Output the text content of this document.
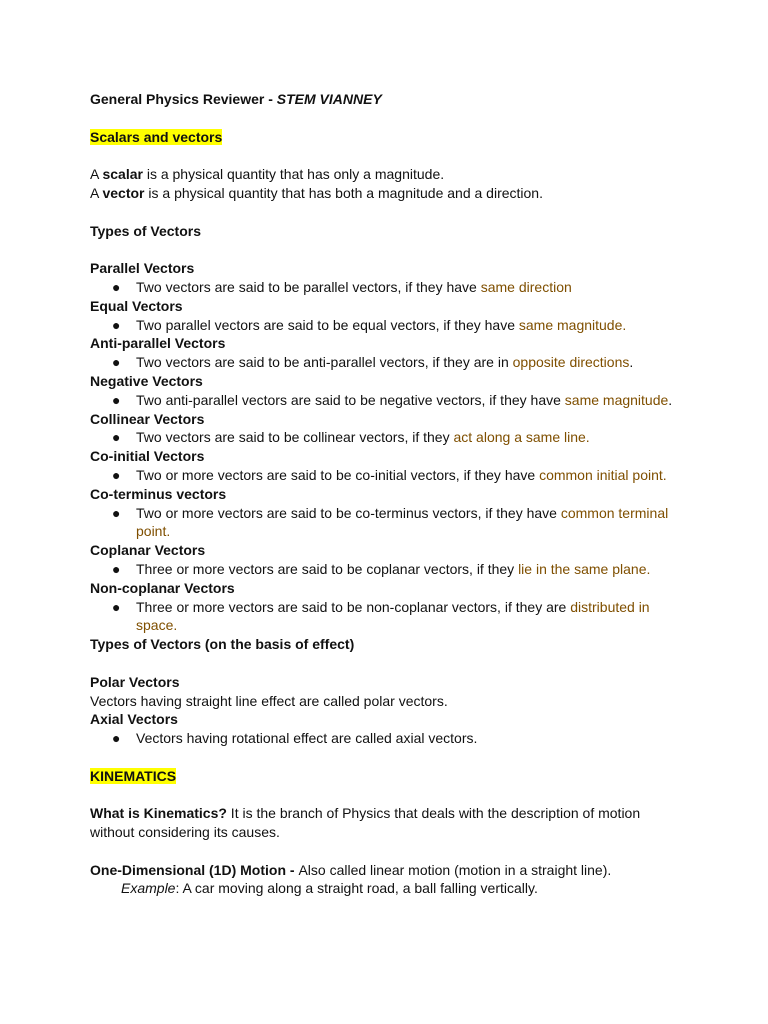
General Physics Reviewer - STEM VIANNEY
Scalars and vectors
A scalar is a physical quantity that has only a magnitude.
A vector is a physical quantity that has both a magnitude and a direction.
Types of Vectors
Parallel Vectors
● Two vectors are said to be parallel vectors, if they have same direction
Equal Vectors
● Two parallel vectors are said to be equal vectors, if they have same magnitude.
Anti-parallel Vectors
● Two vectors are said to be anti-parallel vectors, if they are in opposite directions.
Negative Vectors
● Two anti-parallel vectors are said to be negative vectors, if they have same magnitude.
Collinear Vectors
● Two vectors are said to be collinear vectors, if they act along a same line.
Co-initial Vectors
● Two or more vectors are said to be co-initial vectors, if they have common initial point.
Co-terminus vectors
● Two or more vectors are said to be co-terminus vectors, if they have common terminal point.
Coplanar Vectors
● Three or more vectors are said to be coplanar vectors, if they lie in the same plane.
Non-coplanar Vectors
● Three or more vectors are said to be non-coplanar vectors, if they are distributed in space.
Types of Vectors (on the basis of effect)
Polar Vectors
Vectors having straight line effect are called polar vectors.
Axial Vectors
● Vectors having rotational effect are called axial vectors.
KINEMATICS
What is Kinematics? It is the branch of Physics that deals with the description of motion without considering its causes.
One-Dimensional (1D) Motion - Also called linear motion (motion in a straight line).
Example: A car moving along a straight road, a ball falling vertically.
